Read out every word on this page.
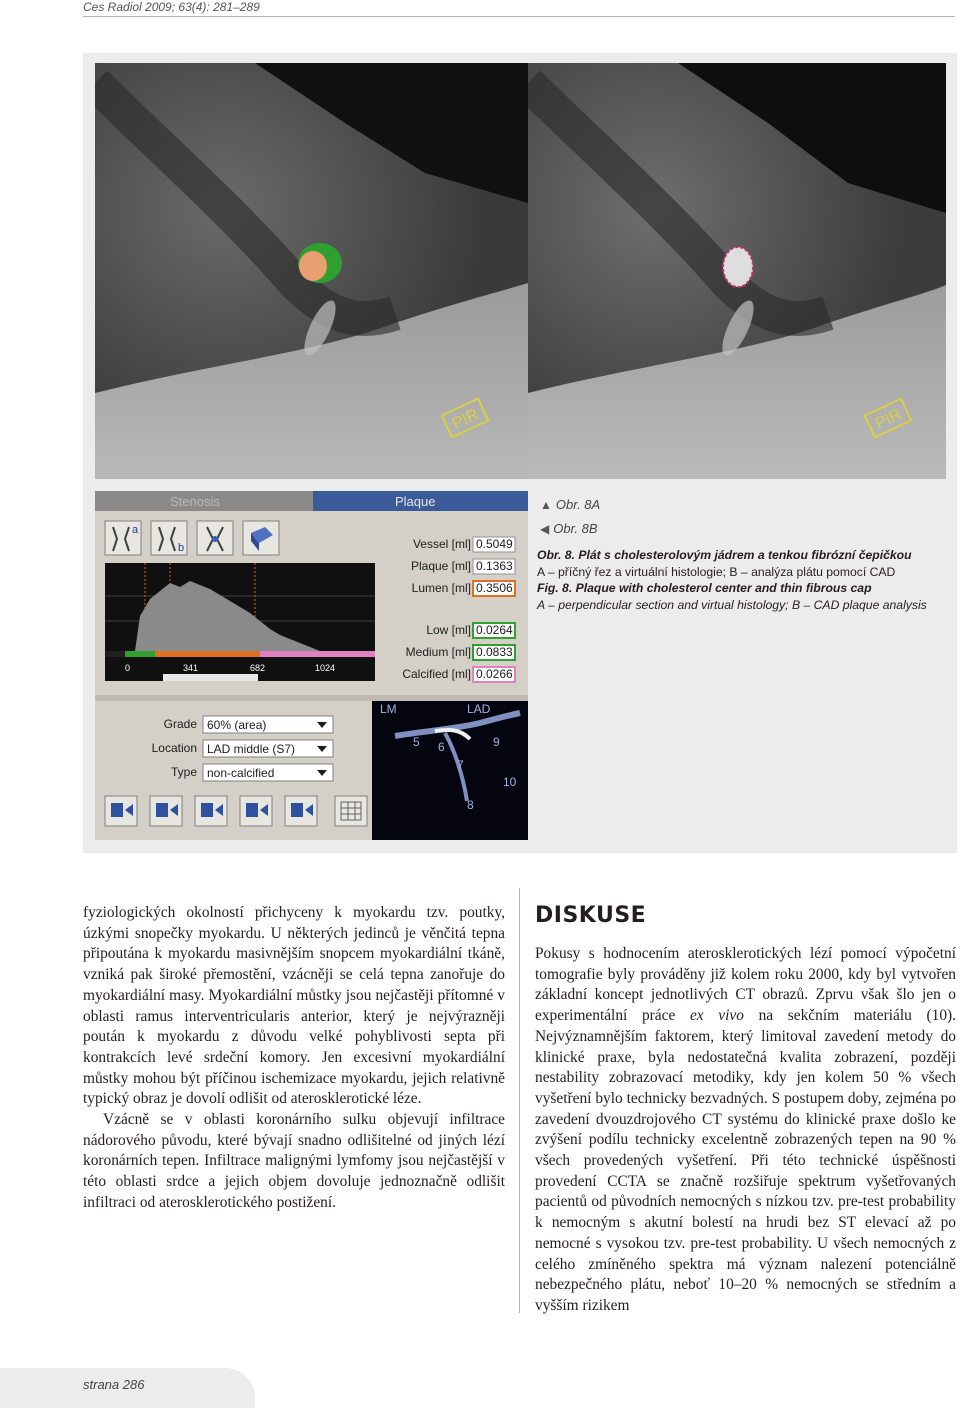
Ces Radiol 2009; 63(4): 281–289
PIR	PIR
Stenosis	Plaque
a
b
0	341	682	1024
Vessel [ml] 0.5049
Plaque [ml] 0.1363
Lumen [ml] 0.3506
Low [ml] 0.0264
Medium [ml] 0.0833
Calcified [ml] 0.0266
Grade 60% (area)
Location LAD middle (S7)
Type non-calcified
LM	LAD
5 6
7
8
9
10
▲ Obr. 8A
◀ Obr. 8B
Obr. 8. Plát s cholesterolovým jádrem a tenkou fibrózní čepičkou
A – příčný řez a virtuální histologie; B – analýza plátu pomocí CAD
Fig. 8. Plaque with cholesterol center and thin fibrous cap
A – perpendicular section and virtual histology; B – CAD plaque analysis

fyziologických okolností přichyceny k myokardu tzv. poutky, úzkými snopečky myokardu. U některých jedinců je věnčitá tepna připoutána k myokardu masivnějším snopcem myokardiální tkáně, vzniká pak široké přemostění, vzácněji se celá tepna zanořuje do myokardiální masy. Myokardiální můstky jsou nejčastěji přítomné v oblasti ramus interventricularis anterior, který je nejvýrazněji poután k myokardu z důvodu velké pohyblivosti septa při kontrakcích levé srdeční komory. Jen excesivní myokardiální můstky mohou být příčinou ischemizace myokardu, jejich relativně typický obraz je dovolí odlišit od aterosklerotické léze.

Vzácně se v oblasti koronárního sulku objevují infiltrace nádorového původu, které bývají snadno odlišitelné od jiných lézí koronárních tepen. Infiltrace malignými lymfomy jsou nejčastější v této oblasti srdce a jejich objem dovoluje jednoznačně odlišit infiltraci od aterosklerotického postižení.

DISKUSE

Pokusy s hodnocením aterosklerotických lézí pomocí výpočetní tomografie byly prováděny již kolem roku 2000, kdy byl vytvořen základní koncept jednotlivých CT obrazů. Zprvu však šlo jen o experimentální práce ex vivo na sekčním materiálu (10). Nejvýznamnějším faktorem, který limitoval zavedení metody do klinické praxe, byla nedostatečná kvalita zobrazení, později nestability zobrazovací metodiky, kdy jen kolem 50 % všech vyšetření bylo technicky bezvadných. S postupem doby, zejména po zavedení dvouzdrojového CT systému do klinické praxe došlo ke zvýšení podílu technicky excelentně zobrazených tepen na 90 % všech provedených vyšetření. Při této technické úspěšnosti provedení CCTA se značně rozšiřuje spektrum vyšetřovaných pacientů od původních nemocných s nízkou tzv. pre-test probability k nemocným s akutní bolestí na hrudi bez ST elevací až po nemocné s vysokou tzv. pre-test probability. U všech nemocných z celého zmíněného spektra má význam nalezení potenciálně nebezpečného plátu, neboť 10–20 % nemocných se středním a vyšším rizikem

strana 286
